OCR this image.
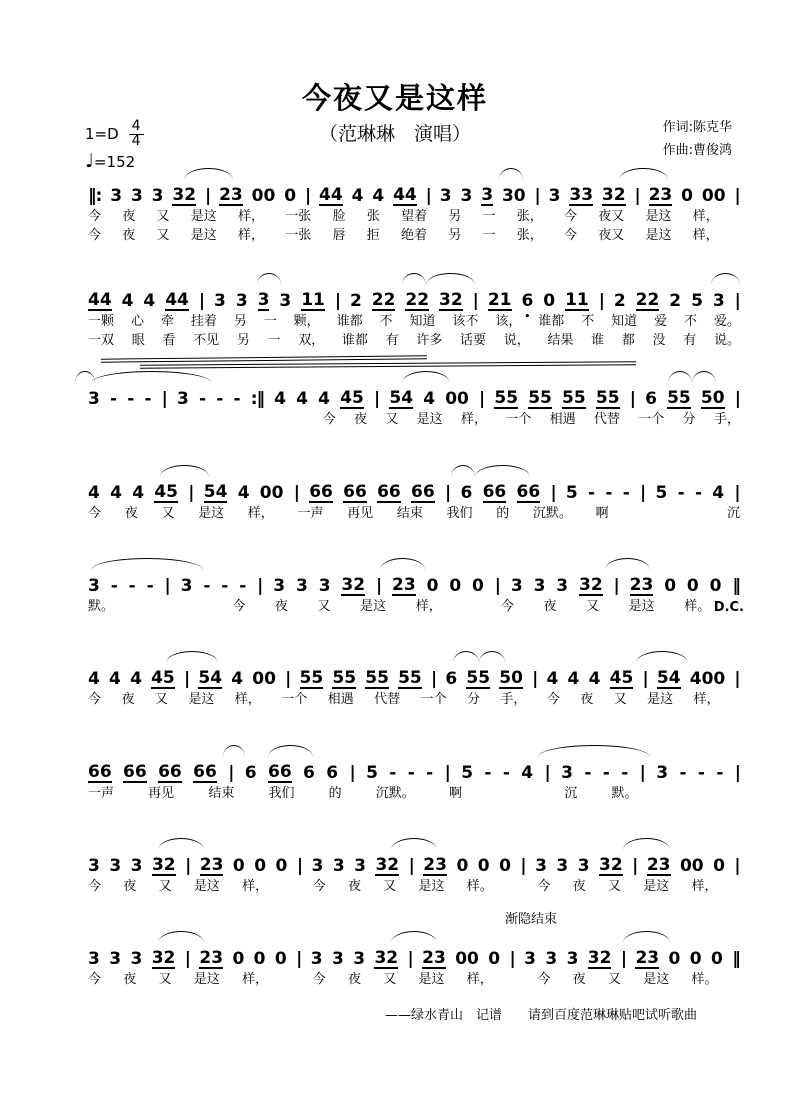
今夜又是这样
（范琳琳　演唱）	作词:陈克华
作曲:曹俊鸿
$1=D \frac{4}{4}$
♩=152
‖: 3 3 3 32 | 23 00 0 | 44 4 4 44 | 3 3 3 30 | 3 33 32 | 23 0 00 |
今 夜 又 是这 样， 一张 脸 张 望着 另 一 张， 今 夜又 是这 样，
今 夜 又 是这 样， 一张 唇 拒 绝着 另 一 张， 今 夜又 是这 样，
44 4 4 44 | 3 3 3 3 11 | 2 22 22 32 | 21 6 • 0 11 | 2 22 2 5 3 |
一颗 心 牵 挂着 另 一 颗， 谁都 不 知道 该不 该， 谁都 不 知道 爱 不 爱。
一双 眼 看 不见 另 一 双， 谁都 有 许多 话要 说， 结果 谁 都 没 有 说。
3 - - - | 3 - - - :‖ 4 4 4 45 | 54 4 00 | 55 55 55 55 | 6 55 50 |
今 夜 又 是这 样， 一个 相遇 代替 一个 分 手，
4 4 4 45 | 54 4 00 | 66 66 66 66 | 6 66 66 | 5 - - - | 5 - - 4 |
今 夜 又 是这 样， 一声 再见 结束 我们 的 沉默。 啊	沉
3 - - - | 3 - - - | 3 3 3 32 | 23 0 0 0 | 3 3 3 32 | 23 0 0 0 ‖
默。	今 夜 又 是这 样，	今 夜 又 是这 样。 D.C.
4 4 4 45 | 54 4 00 | 55 55 55 55 | 6 55 50 | 4 4 4 45 | 54 400 |
今 夜 又 是这 样， 一个 相遇 代替 一个 分 手， 今 夜 又 是这 样，
66 66 66 66 | 6 66 6 6 | 5 - - - | 5 - - 4 | 3 - - - | 3 - - - |
一声	再见	结束	我们	的	沉默。	啊	沉	默。
3 3 3 32 | 23 0 0 0 | 3 3 3 32 | 23 0 0 0 | 3 3 3 32 | 23 00 0 |
今 夜 又 是这 样，	今 夜 又 是这 样。	今 夜 又 是这 样，
3 3 3 32 | 23 0 0 0 | 3 3 3 32 | 23 00 0 | 3 3 3 32 | 23 0 0 0 ‖
今 夜 又 是这 样，	今 夜 又 是这 样，	今 夜 又 是这 样。
渐隐结束
——绿水青山　记谱　　请到百度范琳琳贴吧试听歌曲
